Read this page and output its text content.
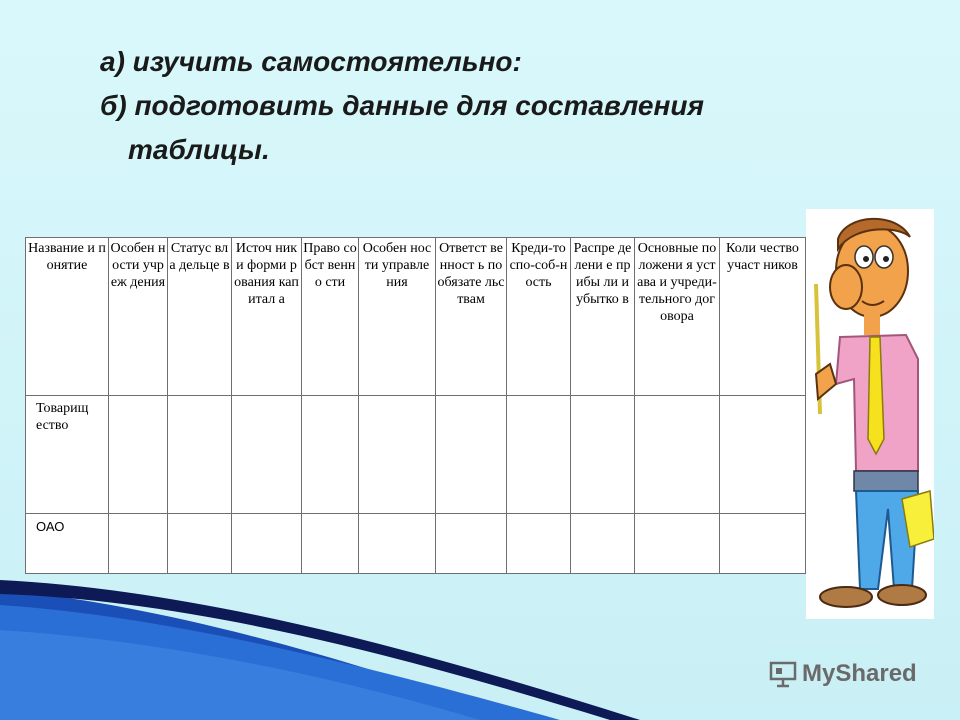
а) изучить самостоятельно:
б) подготовить данные для составления
таблицы.
Название и понятие	Особен ности учреж дения	Статус вла дельце в	Источ ники форми рования капитал а	Право собст венно сти	Особен ности управле ния	Ответст венност ь по обязате льствам	Креди-тоспо-соб-ность	Распре делени е прибы ли и убытко в	Основные положени я устава и учреди-тельного договора	Коли чество участ ников
Товарищ ество										
ОАО										
MyShared
